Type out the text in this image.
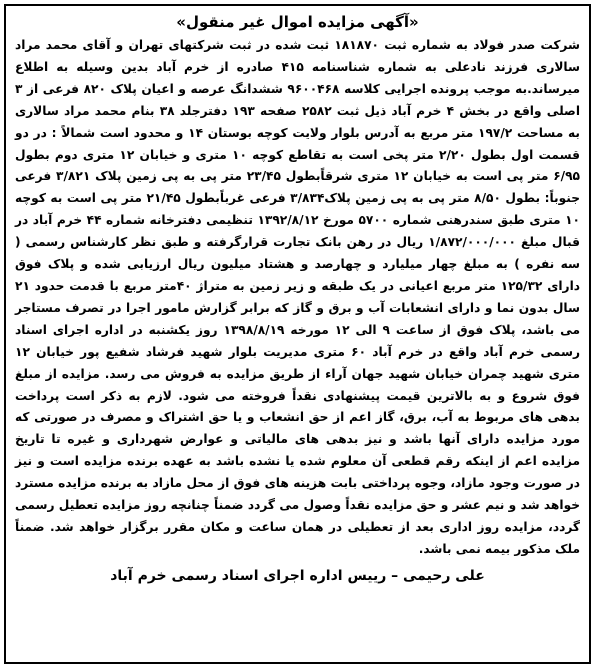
«آگهی مزایده اموال غیر منقول»

شرکت صدر فولاد به شماره ثبت ۱۸۱۸۷۰ ثبت شده در ثبت شرکتهای تهران و آقای محمد مراد سالاری فرزند نادعلی به شماره شناسنامه ۴۱۵ صادره از خرم آباد بدین وسیله به اطلاع میرساند.به موجب پرونده اجرایی کلاسه ۹۶۰۰۴۶۸ ششدانگ عرصه و اعیان پلاک ۸۲۰ فرعی از ۳ اصلی واقع در بخش ۴ خرم آباد ذیل ثبت ۲۵۸۲ صفحه ۱۹۳ دفترجلد ۳۸ بنام محمد مراد سالاری به مساحت ۱۹۷/۲ متر مربع به آدرس بلوار ولایت کوچه بوستان ۱۴ و محدود است شمالاً : در دو قسمت اول بطول ۲/۲۰ متر پخی است به تقاطع کوچه ۱۰ متری و خیابان ۱۲ متری دوم بطول ۶/۹۵ متر پی است به خیابان ۱۲ متری شرقاًبطول ۲۳/۴۵ متر پی به پی زمین پلاک ۳/۸۲۱ فرعی جنوباً: بطول ۸/۵۰ متر پی به پی زمین پلاک۳/۸۳۴ فرعی غرباًبطول ۲۱/۴۵ متر پی است به کوچه ۱۰ متری طبق سندرهنی شماره ۵۷۰۰ مورخ ۱۳۹۲/۸/۱۲ تنظیمی دفترخانه شماره ۴۴ خرم آباد در قبال مبلغ ۱/۸۷۲/۰۰۰/۰۰۰ ریال در رهن بانک تجارت قرارگرفته و طبق نظر کارشناس رسمی ( سه نفره ) به مبلغ چهار میلیارد و چهارصد و هشتاد میلیون ریال ارزیابی شده و پلاک فوق دارای ۱۲۵/۳۲ متر مربع اعیانی در یک طبقه و زیر زمین به متراژ ۴۰متر مربع با قدمت حدود ۲۱ سال بدون نما و دارای انشعابات آب و برق و گاز که برابر گزارش مامور اجرا در تصرف مستاجر می باشد، پلاک فوق از ساعت ۹ الی ۱۲ مورخه ۱۳۹۸/۸/۱۹ روز یکشنبه در اداره اجرای اسناد رسمی خرم آباد واقع در خرم آباد ۶۰ متری مدیریت بلوار شهید فرشاد شفیع پور خیابان ۱۲ متری شهید چمران خیابان شهید جهان آراء از طریق مزایده به فروش می رسد. مزایده از مبلغ فوق شروع و به بالاترین قیمت پیشنهادی نقداً فروخته می شود. لازم به ذکر است پرداخت بدهی های مربوط به آب، برق، گاز اعم از حق انشعاب و یا حق اشتراک و مصرف در صورتی که مورد مزایده دارای آنها باشد و نیز بدهی های مالیاتی و عوارض شهرداری و غیره تا تاریخ مزایده اعم از اینکه رقم قطعی آن معلوم شده یا نشده باشد به عهده برنده مزایده است و نیز در صورت وجود مازاد، وجوه پرداختی بابت هزینه های فوق از محل مازاد به برنده مزایده مسترد خواهد شد و نیم عشر و حق مزایده نقداً وصول می گردد ضمناً چنانچه روز مزایده تعطیل رسمی گردد، مزایده روز اداری بعد از تعطیلی در همان ساعت و مکان مقرر برگزار خواهد شد. ضمناً ملک مذکور بیمه نمی باشد.

علی رحیمی – رییس اداره اجرای اسناد رسمی خرم آباد
